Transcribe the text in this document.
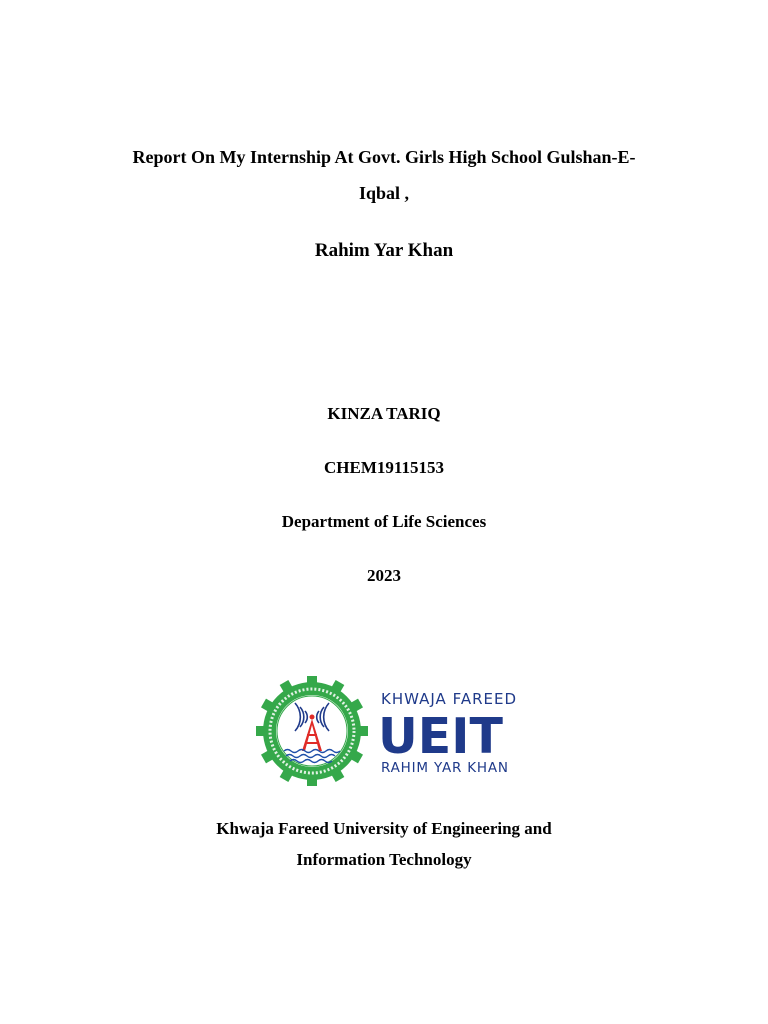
Report On My Internship At Govt. Girls High School Gulshan-E-
Iqbal ,
Rahim Yar Khan
KINZA TARIQ
CHEM19115153
Department of Life Sciences
2023
KHWAJA FAREED
UEIT
RAHIM YAR KHAN
Khwaja Fareed University of Engineering and
Information Technology
